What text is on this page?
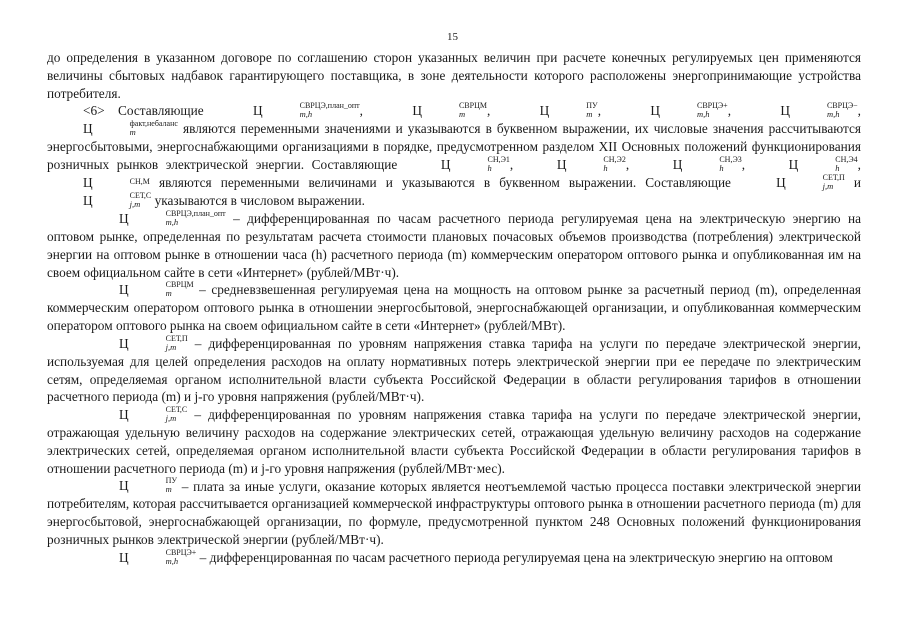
15

до определения в указанном договоре по соглашению сторон указанных величин при расчете конечных регулируемых цен применяются величины сбытовых надбавок гарантирующего поставщика, в зоне деятельности которого расположены энергопринимающие устройства потребителя.

<6> Составляющие	Ц	СВРЦЭ,план_опт
m,h	,	Ц	СВРЦМ
m	,	Ц	ПУ
m ,	Ц	СВРЦЭ+
m,h	,	Ц	СВРЦЭ−
m,h	, Ц	факт,небаланс
m	являются переменными значениями и указываются в буквенном выражении, их числовые значения рассчитываются энергосбытовыми, энергоснабжающими организациями в порядке, предусмотренном разделом XII Основных положений функционирования розничных рынков электрической энергии. Составляющие	Ц	СН,Э1
h	,	Ц	СН,Э2
h	,	Ц	СН,Э3
h	,	Ц	СН,Э4
h	, Ц	СН,М являются переменными величинами и указываются в буквенном выражении. Составляющие	Ц	СЕТ,П
j,m и Ц	СЕТ,С
j,m указываются в числовом выражении.

Ц	СВРЦЭ,план_опт
m,h	– дифференцированная по часам расчетного периода регулируемая цена на электрическую энергию на оптовом рынке, определенная по результатам расчета стоимости плановых почасовых объемов производства (потребления) электрической энергии на оптовом рынке в отношении часа (h) расчетного периода (m) коммерческим оператором оптового рынка и опубликованная им на своем официальном сайте в сети «Интернет» (рублей/МВт·ч).

Ц	СВРЦМ
m	– средневзвешенная регулируемая цена на мощность на оптовом рынке за расчетный период (m), определенная коммерческим оператором оптового рынка в отношении энергосбытовой, энергоснабжающей организации, и опубликованная коммерческим оператором оптового рынка на своем официальном сайте в сети «Интернет» (рублей/МВт).

Ц	СЕТ,П
j,m – дифференцированная по уровням напряжения ставка тарифа на услуги по передаче электрической энергии, используемая для целей определения расходов на оплату нормативных потерь электрической энергии при ее передаче по электрическим сетям, определяемая органом исполнительной власти субъекта Российской Федерации в области регулирования тарифов в отношении расчетного периода (m) и j-го уровня напряжения (рублей/МВт·ч).

Ц	СЕТ,С
j,m – дифференцированная по уровням напряжения ставка тарифа на услуги по передаче электрической энергии, отражающая удельную величину расходов на содержание электрических сетей, отражающая удельную величину расходов на содержание электрических сетей, определяемая органом исполнительной власти субъекта Российской Федерации в области регулирования тарифов в отношении расчетного периода (m) и j-го уровня напряжения (рублей/МВт·мес).

Ц	ПУ
m – плата за иные услуги, оказание которых является неотъемлемой частью процесса поставки электрической энергии потребителям, которая рассчитывается организацией коммерческой инфраструктуры оптового рынка в отношении расчетного периода (m) для энергосбытовой, энергоснабжающей организации, по формуле, предусмотренной пунктом 248 Основных положений функционирования розничных рынков электрической энергии (рублей/МВт·ч).

Ц	СВРЦЭ+
m,h	– дифференцированная по часам расчетного периода регулируемая цена на электрическую энергию на оптовом
